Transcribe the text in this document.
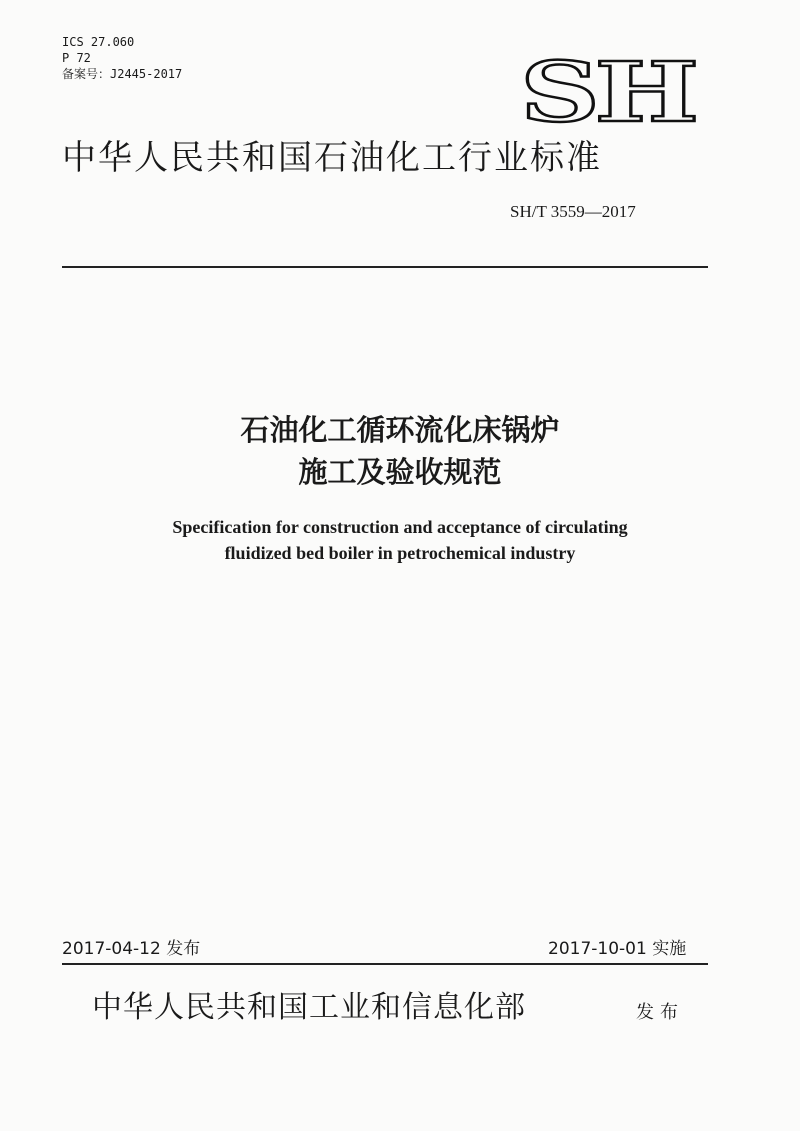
ICS 27.060
P 72
备案号：J2445-2017	SH
中华人民共和国石油化工行业标准
SH/T 3559—2017
石油化工循环流化床锅炉
施工及验收规范
Specification for construction and acceptance of circulating
fluidized bed boiler in petrochemical industry
2017-04-12 发布	2017-10-01 实施
中华人民共和国工业和信息化部	发布
